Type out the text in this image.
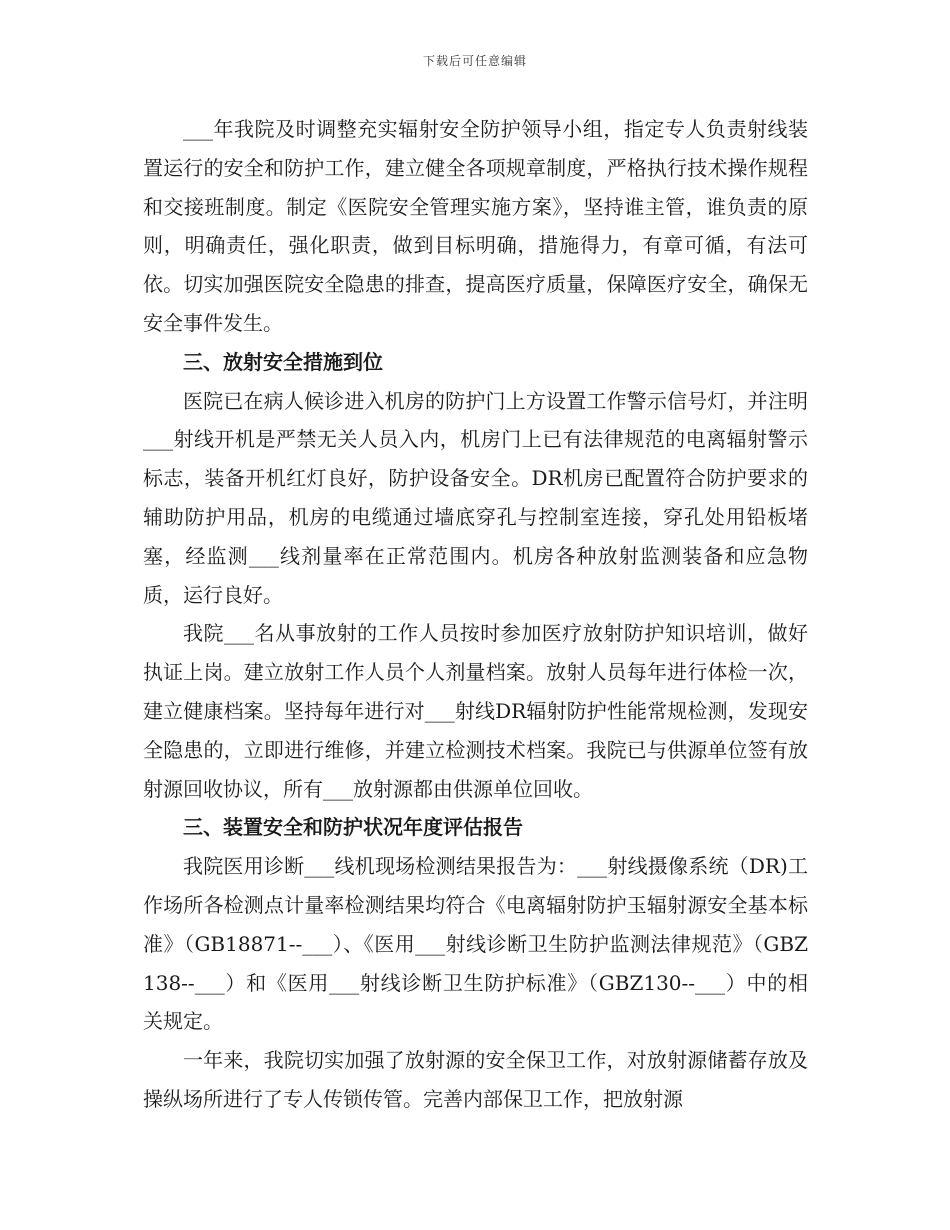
下载后可任意编辑

___年我院及时调整充实辐射安全防护领导小组，指定专人负责射线装置运行的安全和防护工作，建立健全各项规章制度，严格执行技术操作规程和交接班制度。制定《医院安全管理实施方案》，坚持谁主管，谁负责的原则，明确责任，强化职责，做到目标明确，措施得力，有章可循，有法可依。切实加强医院安全隐患的排查，提高医疗质量，保障医疗安全，确保无安全事件发生。

三、放射安全措施到位

医院已在病人候诊进入机房的防护门上方设置工作警示信号灯，并注明___射线开机是严禁无关人员入内，机房门上已有法律规范的电离辐射警示标志，装备开机红灯良好，防护设备安全。DR机房已配置符合防护要求的辅助防护用品，机房的电缆通过墙底穿孔与控制室连接，穿孔处用铅板堵塞，经监测___线剂量率在正常范围内。机房各种放射监测装备和应急物质，运行良好。

我院___名从事放射的工作人员按时参加医疗放射防护知识培训，做好执证上岗。建立放射工作人员个人剂量档案。放射人员每年进行体检一次，建立健康档案。坚持每年进行对___射线DR辐射防护性能常规检测，发现安全隐患的，立即进行维修，并建立检测技术档案。我院已与供源单位签有放射源回收协议，所有___放射源都由供源单位回收。

三、装置安全和防护状况年度评估报告

我院医用诊断___线机现场检测结果报告为：___射线摄像系统（DR)工作场所各检测点计量率检测结果均符合《电离辐射防护玉辐射源安全基本标准》（GB18871--___）、《医用___射线诊断卫生防护监测法律规范》（GBZ138--___）和《医用___射线诊断卫生防护标准》（GBZ130--___）中的相关规定。

一年来，我院切实加强了放射源的安全保卫工作，对放射源储蓄存放及操纵场所进行了专人传锁传管。完善内部保卫工作，把放射源
